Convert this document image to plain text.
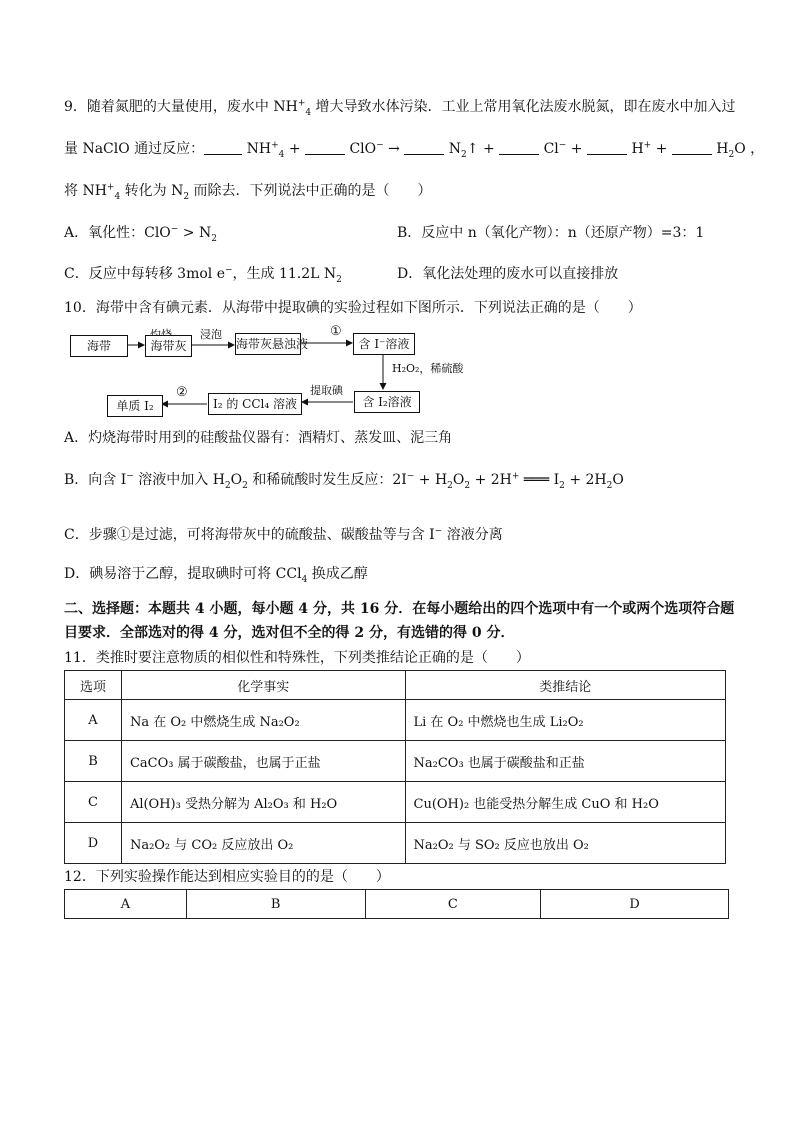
9．随着氮肥的大量使用，废水中 $NH^+_4$ 增大导致水体污染．工业上常用氧化法废水脱氮，即在废水中加入过
量 NaClO 通过反应：	$NH^+_4$ +	ClO− →	$N_2↑$ +	Cl− +	H+ +	$H_2O$ ，
将 $NH^+_4$ 转化为 $N_2$ 而除去．下列说法中正确的是（　　）
A．氧化性：$ClO^- > N_2$	B．反应中 n（氧化产物）：n（还原产物）=3：1
C．反应中每转移 3mol e−，生成 11.2L $N_2$	D．氧化法处理的废水可以直接排放
10．海带中含有碘元素．从海带中提取碘的实验过程如下图所示．下列说法正确的是（　　）
海带	海带灰
浸泡
海带灰悬浊液
①
含 I⁻溶液
H₂O₂，稀硫酸
含 I₂溶液
提取碘
I₂ 的 CCl₄ 溶液
②
单质 I₂
A．灼烧海带时用到的硅酸盐仪器有：酒精灯、蒸发皿、泥三角
B．向含 I− 溶液中加入 $H_2O_2$ 和稀硫酸时发生反应：$2I^- + H_2O_2 + 2H^+$ ═══ $I_2 + 2H_2O$
C．步骤①是过滤，可将海带灰中的硫酸盐、碳酸盐等与含 I− 溶液分离
D．碘易溶于乙醇，提取碘时可将 CCl$_4$ 换成乙醇
二、选择题：本题共 4 小题，每小题 4 分，共 16 分．在每小题给出的四个选项中有一个或两个选项符合题
目要求．全部选对的得 4 分，选对但不全的得 2 分，有选错的得 0 分．
11．类推时要注意物质的相似性和特殊性，下列类推结论正确的是（　　）
选项	化学事实	类推结论
A	Na 在 O₂ 中燃烧生成 Na₂O₂	Li 在 O₂ 中燃烧也生成 Li₂O₂
B	CaCO₃ 属于碳酸盐，也属于正盐	Na₂CO₃ 也属于碳酸盐和正盐
C	Al(OH)₃ 受热分解为 Al₂O₃ 和 H₂O	Cu(OH)₂ 也能受热分解生成 CuO 和 H₂O
D	Na₂O₂ 与 CO₂ 反应放出 O₂	Na₂O₂ 与 SO₂ 反应也放出 O₂
12．下列实验操作能达到相应实验目的的是（　　）
A	B	C	D
